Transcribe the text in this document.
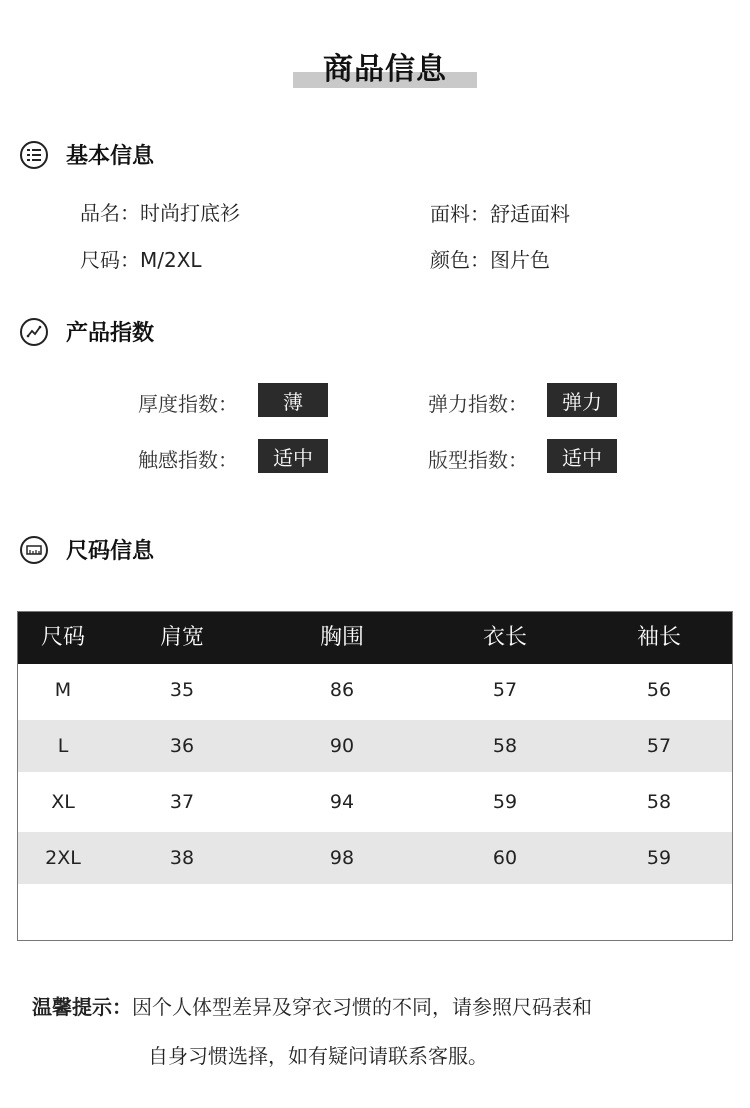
商品信息
基本信息
品名：时尚打底衫	面料：舒适面料
尺码：M/2XL	颜色：图片色
产品指数
厚度指数：	薄	弹力指数：	弹力
触感指数：	适中	版型指数：	适中
尺码信息
尺码	肩宽	胸围	衣长	袖长
M	35	86	57	56
L	36	90	58	57
XL	37	94	59	58
2XL	38	98	60	59
温馨提示：因个人体型差异及穿衣习惯的不同，请参照尺码表和
自身习惯选择，如有疑问请联系客服。
